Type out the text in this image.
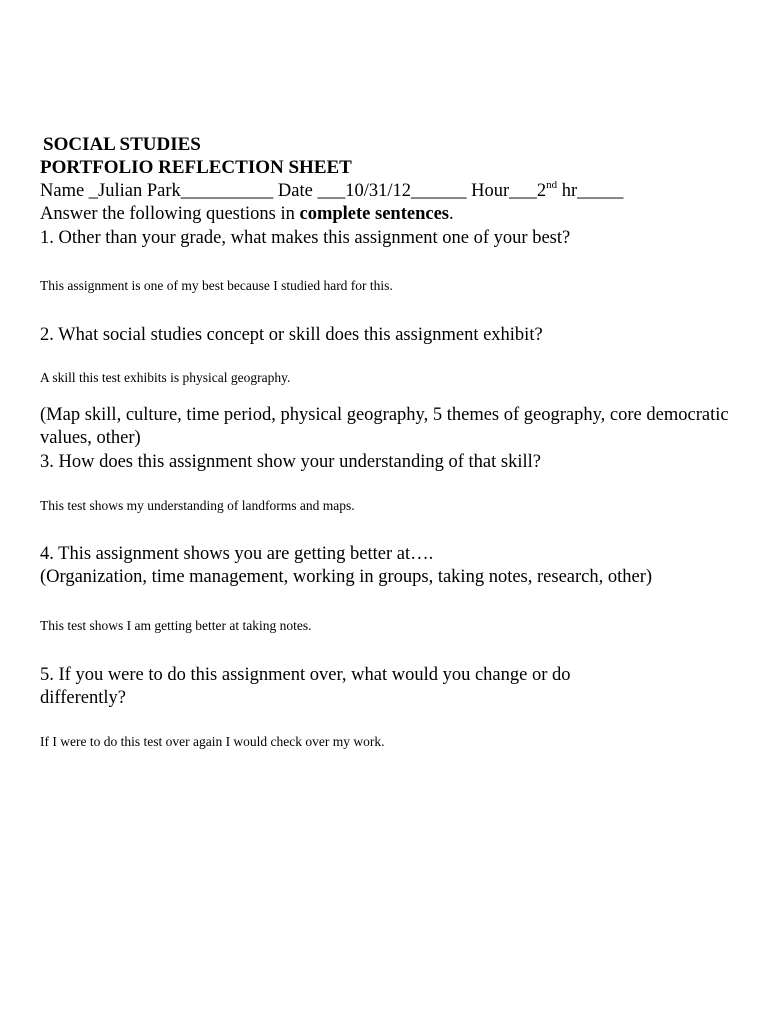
SOCIAL STUDIES
PORTFOLIO REFLECTION SHEET
Name _Julian Park__________ Date ___10/31/12______ Hour___2nd hr_____
Answer the following questions in complete sentences.
1. Other than your grade, what makes this assignment one of your best?
This assignment is one of my best because I studied hard for this.
2. What social studies concept or skill does this assignment exhibit?
A skill this test exhibits is physical geography.
(Map skill, culture, time period, physical geography, 5 themes of geography, core democratic values, other)
3. How does this assignment show your understanding of that skill?
This test shows my understanding of landforms and maps.
4. This assignment shows you are getting better at….
(Organization, time management, working in groups, taking notes, research, other)
This test shows I am getting better at taking notes.
5. If you were to do this assignment over, what would you change or do differently?
If I were to do this test over again I would check over my work.
